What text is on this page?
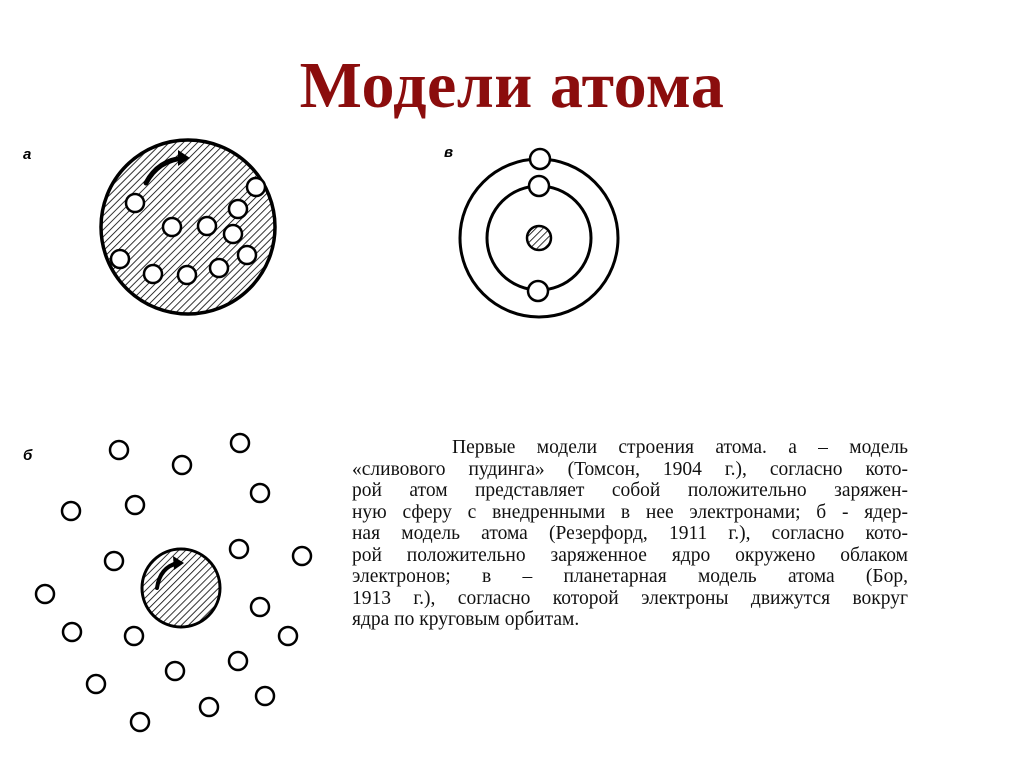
Модели атома
а	в
б	Первые модели строения атома. а – модель
«сливового пудинга» (Томсон, 1904 г.), согласно кото-
рой атом представляет собой положительно заряжен-
ную сферу с внедренными в нее электронами; б - ядер-
ная модель атома (Резерфорд, 1911 г.), согласно кото-
рой положительно заряженное ядро окружено облаком
электронов; в – планетарная модель атома (Бор,
1913 г.), согласно которой электроны движутся вокруг
ядра по круговым орбитам.
